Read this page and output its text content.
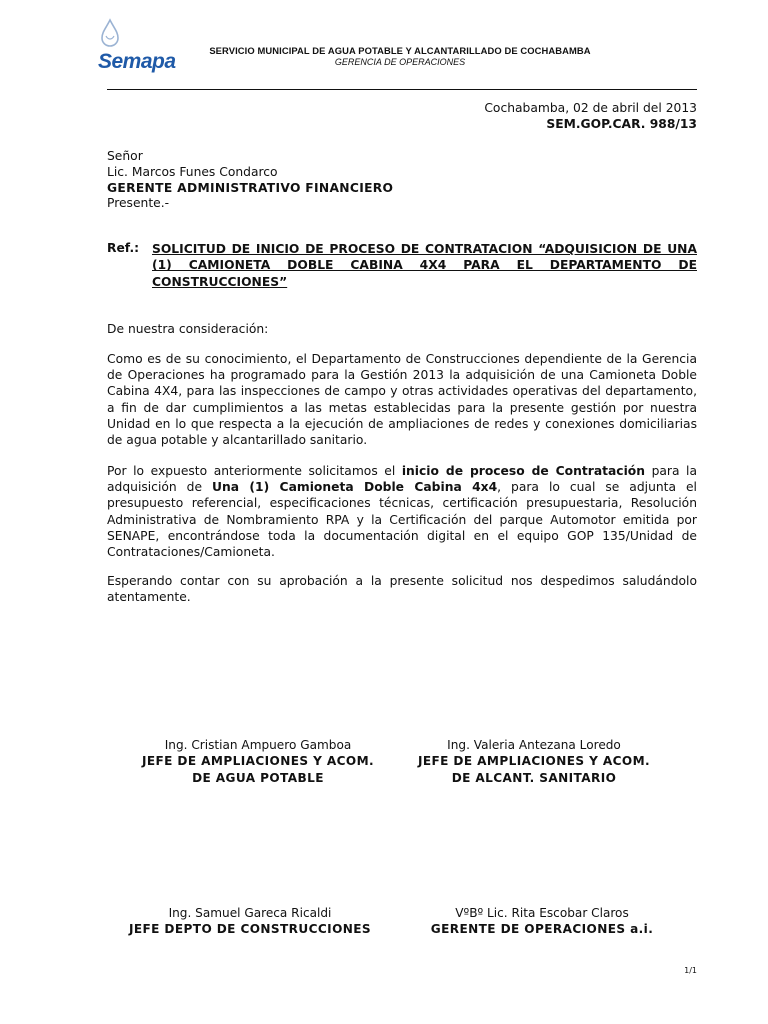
Semapa	SERVICIO MUNICIPAL DE AGUA POTABLE Y ALCANTARILLADO DE COCHABAMBA
GERENCIA DE OPERACIONES
Cochabamba, 02 de abril del 2013
SEM.GOP.CAR. 988/13
Señor
Lic. Marcos Funes Condarco
GERENTE ADMINISTRATIVO FINANCIERO
Presente.-
Ref.: SOLICITUD DE INICIO DE PROCESO DE CONTRATACION “ADQUISICION DE UNA (1) CAMIONETA DOBLE CABINA 4X4 PARA EL DEPARTAMENTO DE CONSTRUCCIONES”
De nuestra consideración:
Como es de su conocimiento, el Departamento de Construcciones dependiente de la Gerencia de Operaciones ha programado para la Gestión 2013 la adquisición de una Camioneta Doble Cabina 4X4, para las inspecciones de campo y otras actividades operativas del departamento, a fin de dar cumplimientos a las metas establecidas para la presente gestión por nuestra Unidad en lo que respecta a la ejecución de ampliaciones de redes y conexiones domiciliarias de agua potable y alcantarillado sanitario.
Por lo expuesto anteriormente solicitamos el inicio de proceso de Contratación para la adquisición de Una (1) Camioneta Doble Cabina 4x4, para lo cual se adjunta el presupuesto referencial, especificaciones técnicas, certificación presupuestaria, Resolución Administrativa de Nombramiento RPA y la Certificación del parque Automotor emitida por SENAPE, encontrándose toda la documentación digital en el equipo GOP 135/Unidad de Contrataciones/Camioneta.
Esperando contar con su aprobación a la presente solicitud nos despedimos saludándolo atentamente.
Ing. Cristian Ampuero Gamboa
JEFE DE AMPLIACIONES Y ACOM.
DE AGUA POTABLE
Ing. Valeria Antezana Loredo
JEFE DE AMPLIACIONES Y ACOM.
DE ALCANT. SANITARIO
Ing. Samuel Gareca Ricaldi
JEFE DEPTO DE CONSTRUCCIONES
VºBº Lic. Rita Escobar Claros
GERENTE DE OPERACIONES a.i.
1/1
